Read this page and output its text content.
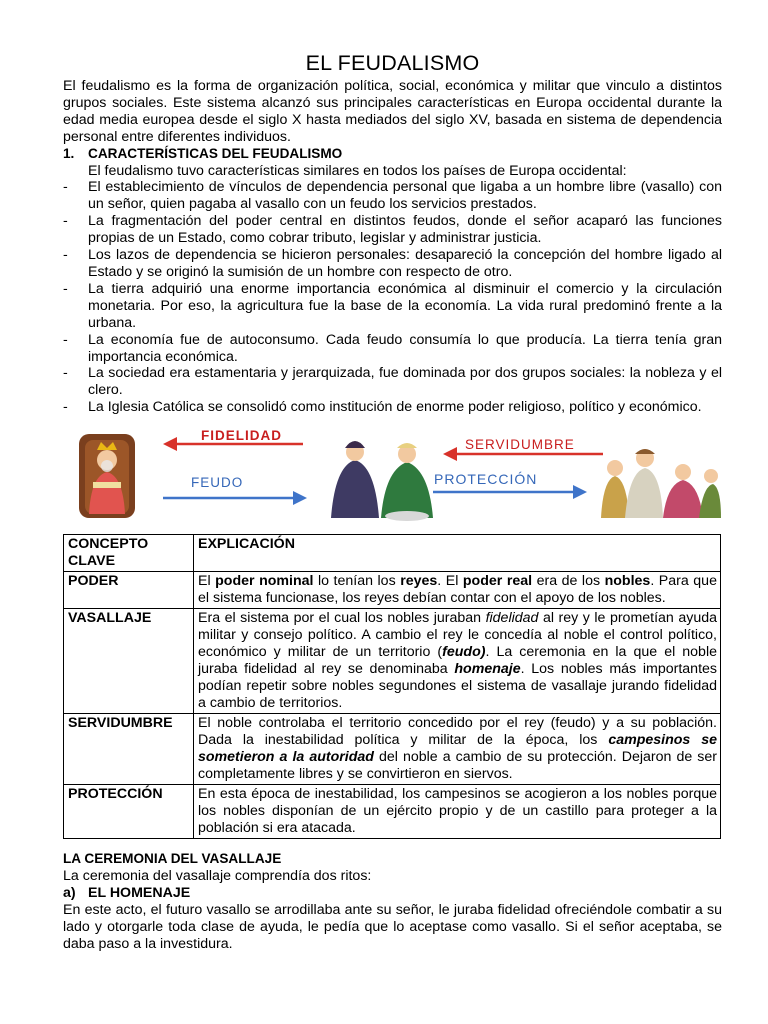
EL FEUDALISMO
El feudalismo es la forma de organización política, social, económica y militar que vinculo a distintos grupos sociales. Este sistema alcanzó sus principales características en Europa occidental durante la edad media europea desde el siglo X hasta mediados del siglo XV, basada en sistema de dependencia personal entre diferentes individuos.
1.	CARACTERÍSTICAS DEL FEUDALISMO
El feudalismo tuvo características similares en todos los países de Europa occidental:
-	El establecimiento de vínculos de dependencia personal que ligaba a un hombre libre (vasallo) con un señor, quien pagaba al vasallo con un feudo los servicios prestados.
-	La fragmentación del poder central en distintos feudos, donde el señor acaparó las funciones propias de un Estado, como cobrar tributo, legislar y administrar justicia.
-	Los lazos de dependencia se hicieron personales: desapareció la concepción del hombre ligado al Estado y se originó la sumisión de un hombre con respecto de otro.
-	La tierra adquirió una enorme importancia económica al disminuir el comercio y la circulación monetaria. Por eso, la agricultura fue la base de la economía. La vida rural predominó frente a la urbana.
-	La economía fue de autoconsumo. Cada feudo consumía lo que producía. La tierra tenía gran importancia económica.
-	La sociedad era estamentaria y jerarquizada, fue dominada por dos grupos sociales: la nobleza y el clero.
-	La Iglesia Católica se consolidó como institución de enorme poder religioso, político y económico.
FIDELIDAD
FEUDO
SERVIDUMBRE
PROTECCIÓN
CONCEPTO CLAVE	EXPLICACIÓN
PODER	El poder nominal lo tenían los reyes. El poder real era de los nobles. Para que el sistema funcionase, los reyes debían contar con el apoyo de los nobles.
VASALLAJE	Era el sistema por el cual los nobles juraban fidelidad al rey y le prometían ayuda militar y consejo político. A cambio el rey le concedía al noble el control político, económico y militar de un territorio (feudo). La ceremonia en la que el noble juraba fidelidad al rey se denominaba homenaje. Los nobles más importantes podían repetir sobre nobles segundones el sistema de vasallaje jurando fidelidad a cambio de territorios.
SERVIDUMBRE	El noble controlaba el territorio concedido por el rey (feudo) y a su población. Dada la inestabilidad política y militar de la época, los campesinos se sometieron a la autoridad del noble a cambio de su protección. Dejaron de ser completamente libres y se convirtieron en siervos.
PROTECCIÓN	En esta época de inestabilidad, los campesinos se acogieron a los nobles porque los nobles disponían de un ejército propio y de un castillo para proteger a la población si era atacada.
LA CEREMONIA DEL VASALLAJE
La ceremonia del vasallaje comprendía dos ritos:
a) EL HOMENAJE
En este acto, el futuro vasallo se arrodillaba ante su señor, le juraba fidelidad ofreciéndole combatir a su lado y otorgarle toda clase de ayuda, le pedía que lo aceptase como vasallo. Si el señor aceptaba, se daba paso a la investidura.
